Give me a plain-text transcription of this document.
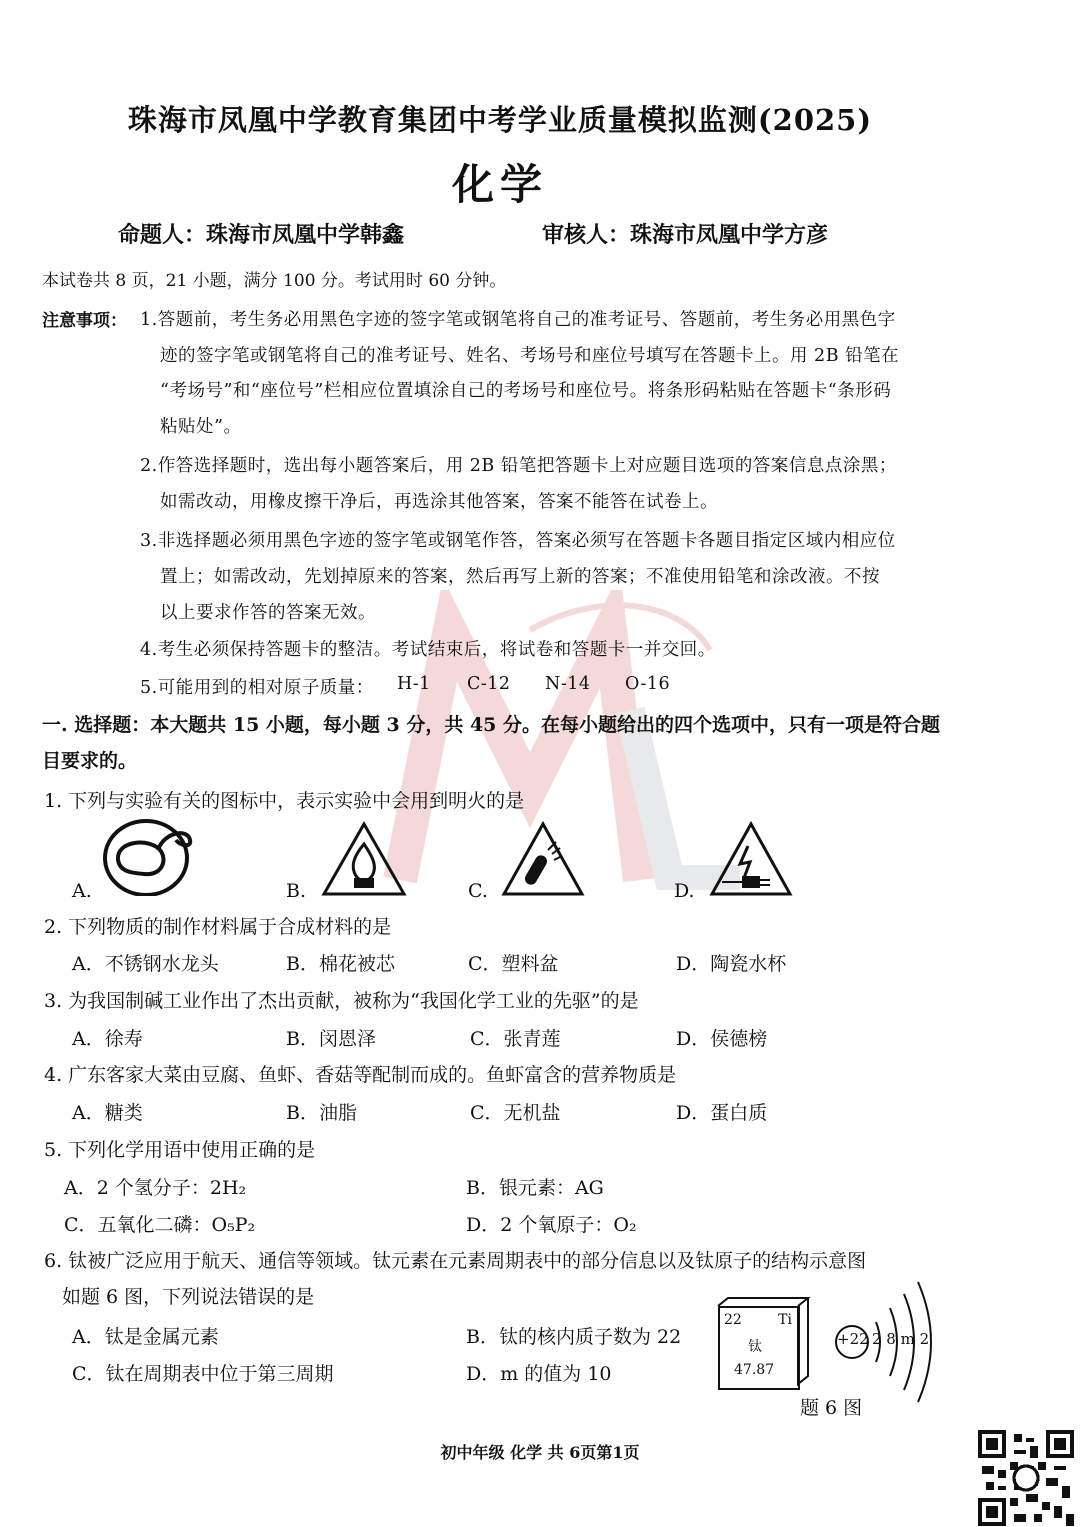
珠海市凤凰中学教育集团中考学业质量模拟监测(2025)
化学
命题人：珠海市凤凰中学韩鑫	审核人：珠海市凤凰中学方彦
本试卷共 8 页，21 小题，满分 100 分。考试用时 60 分钟。
注意事项： 1.答题前，考生务必用黑色字迹的签字笔或钢笔将自己的准考证号、答题前，考生务必用黑色字
迹的签字笔或钢笔将自己的准考证号、姓名、考场号和座位号填写在答题卡上。用 2B 铅笔在
“考场号”和“座位号”栏相应位置填涂自己的考场号和座位号。将条形码粘贴在答题卡“条形码
粘贴处”。
2.作答选择题时，选出每小题答案后，用 2B 铅笔把答题卡上对应题目选项的答案信息点涂黑；
如需改动，用橡皮擦干净后，再选涂其他答案，答案不能答在试卷上。
3.非选择题必须用黑色字迹的签字笔或钢笔作答，答案必须写在答题卡各题目指定区域内相应位
置上；如需改动，先划掉原来的答案，然后再写上新的答案；不准使用铅笔和涂改液。不按
以上要求作答的答案无效。
4.考生必须保持答题卡的整洁。考试结束后，将试卷和答题卡一并交回。
5.可能用到的相对原子质量： H-1 C-12 N-14 O-16
一. 选择题：本大题共 15 小题，每小题 3 分，共 45 分。在每小题给出的四个选项中，只有一项是符合题
目要求的。
1. 下列与实验有关的图标中，表示实验中会用到明火的是
A.	B.	C.	D.
2. 下列物质的制作材料属于合成材料的是
A．不锈钢水龙头	B．棉花被芯	C．塑料盆	D．陶瓷水杯
3. 为我国制碱工业作出了杰出贡献，被称为“我国化学工业的先驱”的是
A．徐寿	B．闵恩泽	C．张青莲	D．侯德榜
4. 广东客家大菜由豆腐、鱼虾、香菇等配制而成的。鱼虾富含的营养物质是
A．糖类	B．油脂	C．无机盐	D．蛋白质
5. 下列化学用语中使用正确的是
A．2 个氢分子：2H₂	B．银元素：AG
C．五氧化二磷：O₅P₂	D．2 个氧原子：O₂
6. 钛被广泛应用于航天、通信等领域。钛元素在元素周期表中的部分信息以及钛原子的结构示意图
如题 6 图，下列说法错误的是
A．钛是金属元素	B．钛的核内质子数为 22
C．钛在周期表中位于第三周期	D．m 的值为 10
22	Ti
钛
47.87
+22 2 8 m 2
题 6 图
初中年级 化学 共 6页第1页
